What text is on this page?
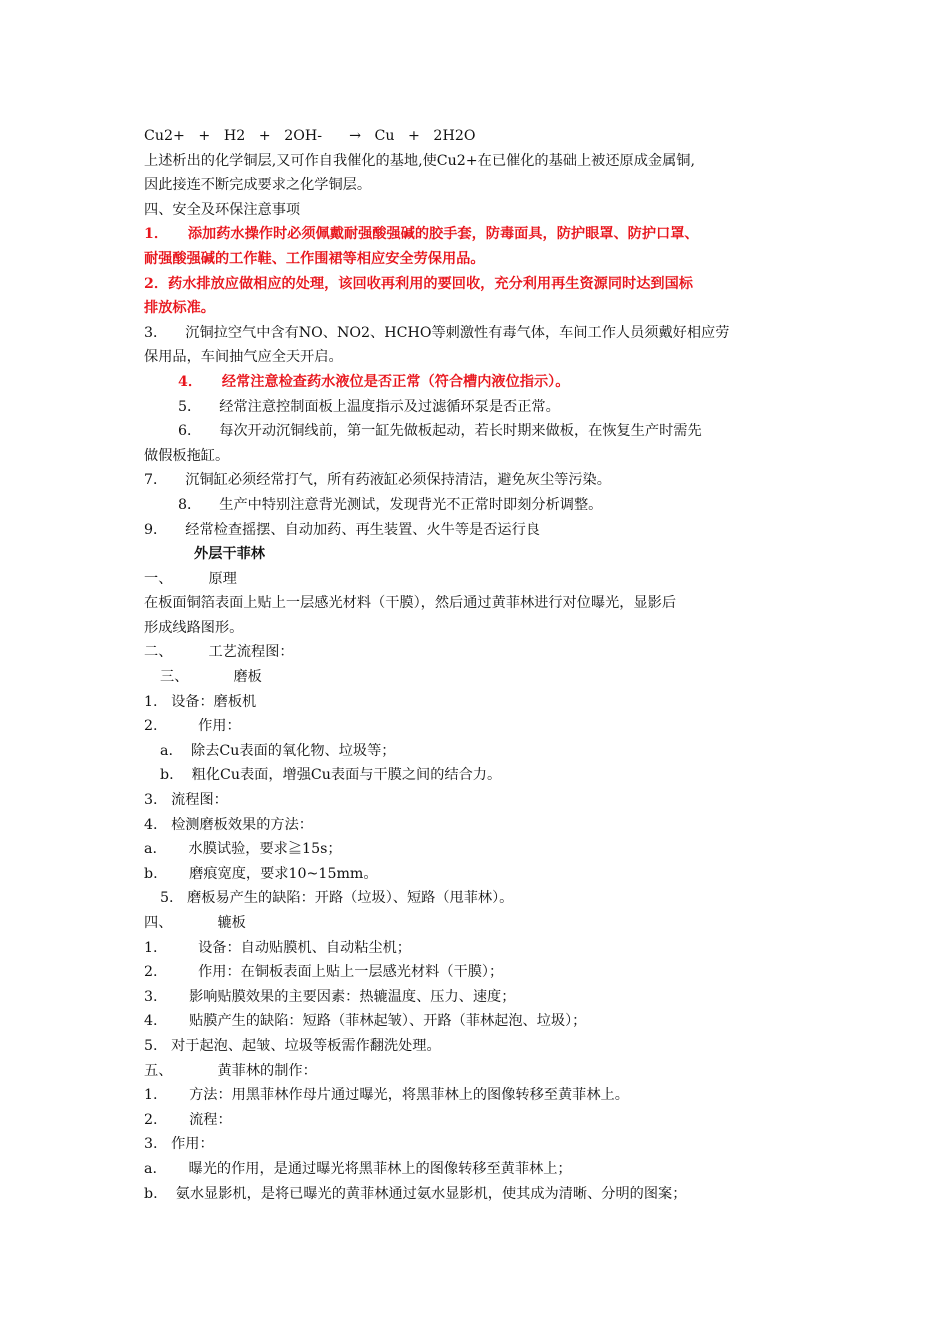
Cu2+   +   H2   +   2OH-      →   Cu   +   2H2O
上述析出的化学铜层,又可作自我催化的基地,使Cu2+在已催化的基础上被还原成金属铜,
因此接连不断完成要求之化学铜层。
四、安全及环保注意事项
1．    添加药水操作时必须佩戴耐强酸强碱的胶手套，防毒面具，防护眼罩、防护口罩、
耐强酸强碱的工作鞋、工作围裙等相应安全劳保用品。
2．药水排放应做相应的处理，该回收再利用的要回收，充分利用再生资源同时达到国标
排放标准。
3．    沉铜拉空气中含有NO、NO2、HCHO等刺激性有毒气体，车间工作人员须戴好相应劳
保用品，车间抽气应全天开启。
4．    经常注意检查药水液位是否正常（符合槽内液位指示）。
5．    经常注意控制面板上温度指示及过滤循环泵是否正常。
6．    每次开动沉铜线前，第一缸先做板起动，若长时期来做板，在恢复生产时需先
做假板拖缸。
7．    沉铜缸必须经常打气，所有药液缸必须保持清洁，避免灰尘等污染。
8．    生产中特别注意背光测试，发现背光不正常时即刻分析调整。
9．    经常检查摇摆、自动加药、再生装置、火牛等是否运行良
外层干菲林
一、        原理
在板面铜箔表面上贴上一层感光材料（干膜），然后通过黄菲林进行对位曝光，显影后
形成线路图形。
二、        工艺流程图：
三、          磨板
1.   设备：磨板机
2.         作用：
a.    除去Cu表面的氧化物、垃圾等；
b.    粗化Cu表面，增强Cu表面与干膜之间的结合力。
3.   流程图：
4.   检测磨板效果的方法：
a.       水膜试验，要求≧15s；
b.       磨痕宽度，要求10~15mm。
5.   磨板易产生的缺陷：开路（垃圾）、短路（甩菲林）。
四、          辘板
1.         设备：自动贴膜机、自动粘尘机；
2.         作用：在铜板表面上贴上一层感光材料（干膜）；
3.       影响贴膜效果的主要因素：热辘温度、压力、速度；
4.       贴膜产生的缺陷：短路（菲林起皱）、开路（菲林起泡、垃圾）；
5.   对于起泡、起皱、垃圾等板需作翻洗处理。
五、          黄菲林的制作：
1.       方法：用黑菲林作母片通过曝光，将黑菲林上的图像转移至黄菲林上。
2.       流程：
3.   作用：
a.       曝光的作用，是通过曝光将黑菲林上的图像转移至黄菲林上；
b.    氨水显影机，是将已曝光的黄菲林通过氨水显影机，使其成为清晰、分明的图案；
